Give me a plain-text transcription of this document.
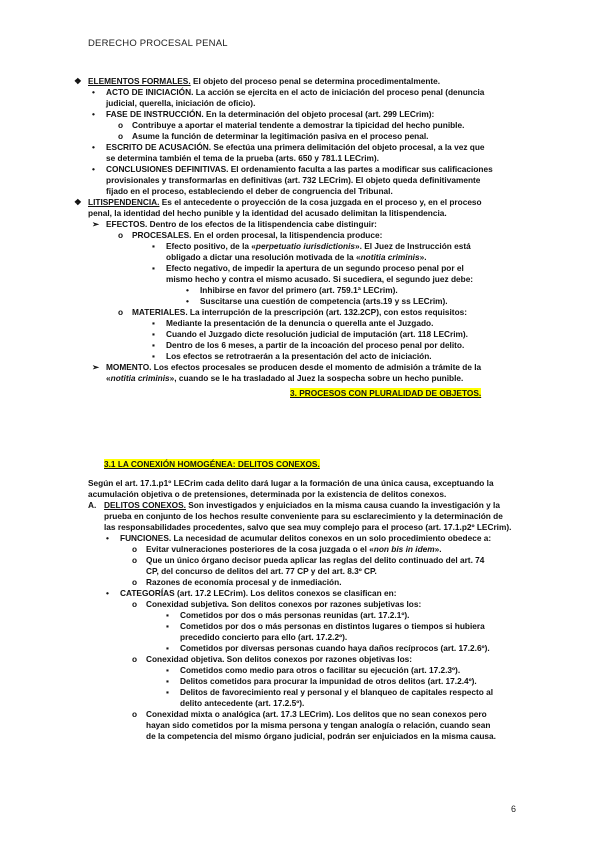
DERECHO PROCESAL PENAL
3. PROCESOS CON PLURALIDAD DE OBJETOS.
3.1 LA CONEXIÓN HOMOGÉNEA: DELITOS CONEXOS.
❖ ELEMENTOS FORMALES. El objeto del proceso penal se determina procedimentalmente.
• ACTO DE INICIACIÓN. La acción se ejercita en el acto de iniciación del proceso penal (denuncia
judicial, querella, iniciación de oficio).
• FASE DE INSTRUCCIÓN. En la determinación del objeto procesal (art. 299 LECrim):
o Contribuye a aportar el material tendente a demostrar la tipicidad del hecho punible.
o Asume la función de determinar la legitimación pasiva en el proceso penal.
• ESCRITO DE ACUSACIÓN. Se efectúa una primera delimitación del objeto procesal, a la vez que
se determina también el tema de la prueba (arts. 650 y 781.1 LECrim).
• CONCLUSIONES DEFINITIVAS. El ordenamiento faculta a las partes a modificar sus calificaciones
provisionales y transformarlas en definitivas (art. 732 LECrim). El objeto queda definitivamente
fijado en el proceso, estableciendo el deber de congruencia del Tribunal.
❖ LITISPENDENCIA. Es el antecedente o proyección de la cosa juzgada en el proceso y, en el proceso
penal, la identidad del hecho punible y la identidad del acusado delimitan la litispendencia.
➢ EFECTOS. Dentro de los efectos de la litispendencia cabe distinguir:
o PROCESALES. En el orden procesal, la litispendencia produce:
▪ Efecto positivo, de la «perpetuatio iurisdictionis». El Juez de Instrucción está
obligado a dictar una resolución motivada de la «notitia criminis».
▪ Efecto negativo, de impedir la apertura de un segundo proceso penal por el
mismo hecho y contra el mismo acusado. Si sucediera, el segundo juez debe:
• Inhibirse en favor del primero (art. 759.1ª LECrim).
• Suscitarse una cuestión de competencia (arts.19 y ss LECrim).
o MATERIALES. La interrupción de la prescripción (art. 132.2CP), con estos requisitos:
▪ Mediante la presentación de la denuncia o querella ante el Juzgado.
▪ Cuando el Juzgado dicte resolución judicial de imputación (art. 118 LECrim).
▪ Dentro de los 6 meses, a partir de la incoación del proceso penal por delito.
▪ Los efectos se retrotraerán a la presentación del acto de iniciación.
➢ MOMENTO. Los efectos procesales se producen desde el momento de admisión a trámite de la
«notitia criminis», cuando se le ha trasladado al Juez la sospecha sobre un hecho punible.
Según el art. 17.1.p1º LECrim cada delito dará lugar a la formación de una única causa, exceptuando la
acumulación objetiva o de pretensiones, determinada por la existencia de delitos conexos.
A. DELITOS CONEXOS. Son investigados y enjuiciados en la misma causa cuando la investigación y la
prueba en conjunto de los hechos resulte conveniente para su esclarecimiento y la determinación de
las responsabilidades procedentes, salvo que sea muy complejo para el proceso (art. 17.1.p2º LECrim).
• FUNCIONES. La necesidad de acumular delitos conexos en un solo procedimiento obedece a:
o Evitar vulneraciones posteriores de la cosa juzgada o el «non bis in idem».
o Que un único órgano decisor pueda aplicar las reglas del delito continuado del art. 74
CP, del concurso de delitos del art. 77 CP y del art. 8.3º CP.
o Razones de economía procesal y de inmediación.
• CATEGORÍAS (art. 17.2 LECrim). Los delitos conexos se clasifican en:
o Conexidad subjetiva. Son delitos conexos por razones subjetivas los:
▪ Cometidos por dos o más personas reunidas (art. 17.2.1º).
▪ Cometidos por dos o más personas en distintos lugares o tiempos si hubiera
precedido concierto para ello (art. 17.2.2º).
▪ Cometidos por diversas personas cuando haya daños recíprocos (art. 17.2.6º).
o Conexidad objetiva. Son delitos conexos por razones objetivas los:
▪ Cometidos como medio para otros o facilitar su ejecución (art. 17.2.3º).
▪ Delitos cometidos para procurar la impunidad de otros delitos (art. 17.2.4º).
▪ Delitos de favorecimiento real y personal y el blanqueo de capitales respecto al
delito antecedente (art. 17.2.5º).
o Conexidad mixta o analógica (art. 17.3 LECrim). Los delitos que no sean conexos pero
hayan sido cometidos por la misma persona y tengan analogía o relación, cuando sean
de la competencia del mismo órgano judicial, podrán ser enjuiciados en la misma causa.
6
